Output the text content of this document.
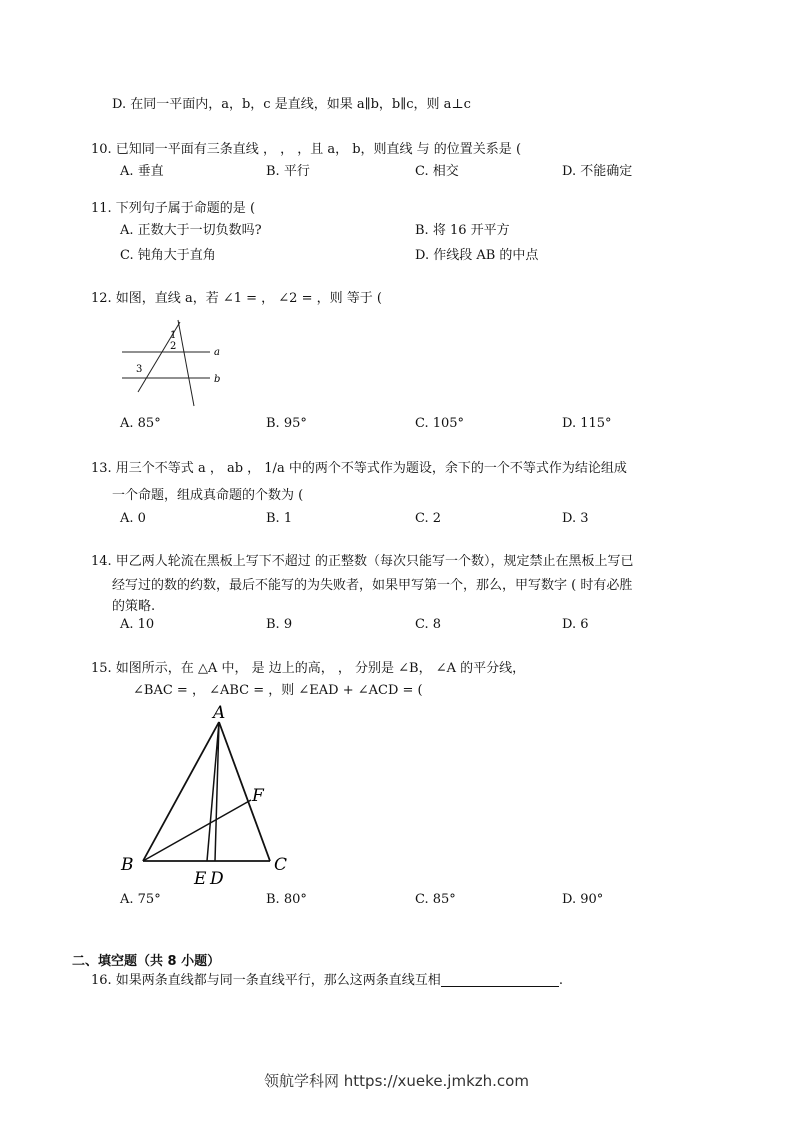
D. 在同一平面内，a，b，c 是直线，如果 a∥b，b∥c，则 a⊥c
10. 已知同一平面有三条直线 ， ， ，且 a， b，则直线 与 的位置关系是 (
A. 垂直	B. 平行	C. 相交	D. 不能确定
11. 下列句子属于命题的是 (
A. 正数大于一切负数吗?	B. 将 16 开平方
C. 钝角大于直角	D. 作线段 AB 的中点
12. 如图，直线 a，若 ∠1 = ， ∠2 = ，则 等于 (
1
2
3
a
b
A. 85°	B. 95°	C. 105°	D. 115°
13. 用三个不等式 a ， ab ， 1/a 中的两个不等式作为题设，余下的一个不等式作为结论组成
一个命题，组成真命题的个数为 (
A. 0	B. 1	C. 2	D. 3
14. 甲乙两人轮流在黑板上写下不超过 的正整数（每次只能写一个数），规定禁止在黑板上写已
经写过的数的约数，最后不能写的为失败者，如果甲写第一个，那么，甲写数字 ( 时有必胜
的策略.
A. 10	B. 9	C. 8	D. 6
15. 如图所示，在 △A 中， 是 边上的高， ， 分别是 ∠B， ∠A 的平分线，
∠BAC = ， ∠ABC = ，则 ∠EAD + ∠ACD = (
A
B	C
D
E
F
A. 75°	B. 80°	C. 85°	D. 90°
二、填空题（共 8 小题）
16. 如果两条直线都与同一条直线平行，那么这两条直线互相	.
领航学科网 https://xueke.jmkzh.com
